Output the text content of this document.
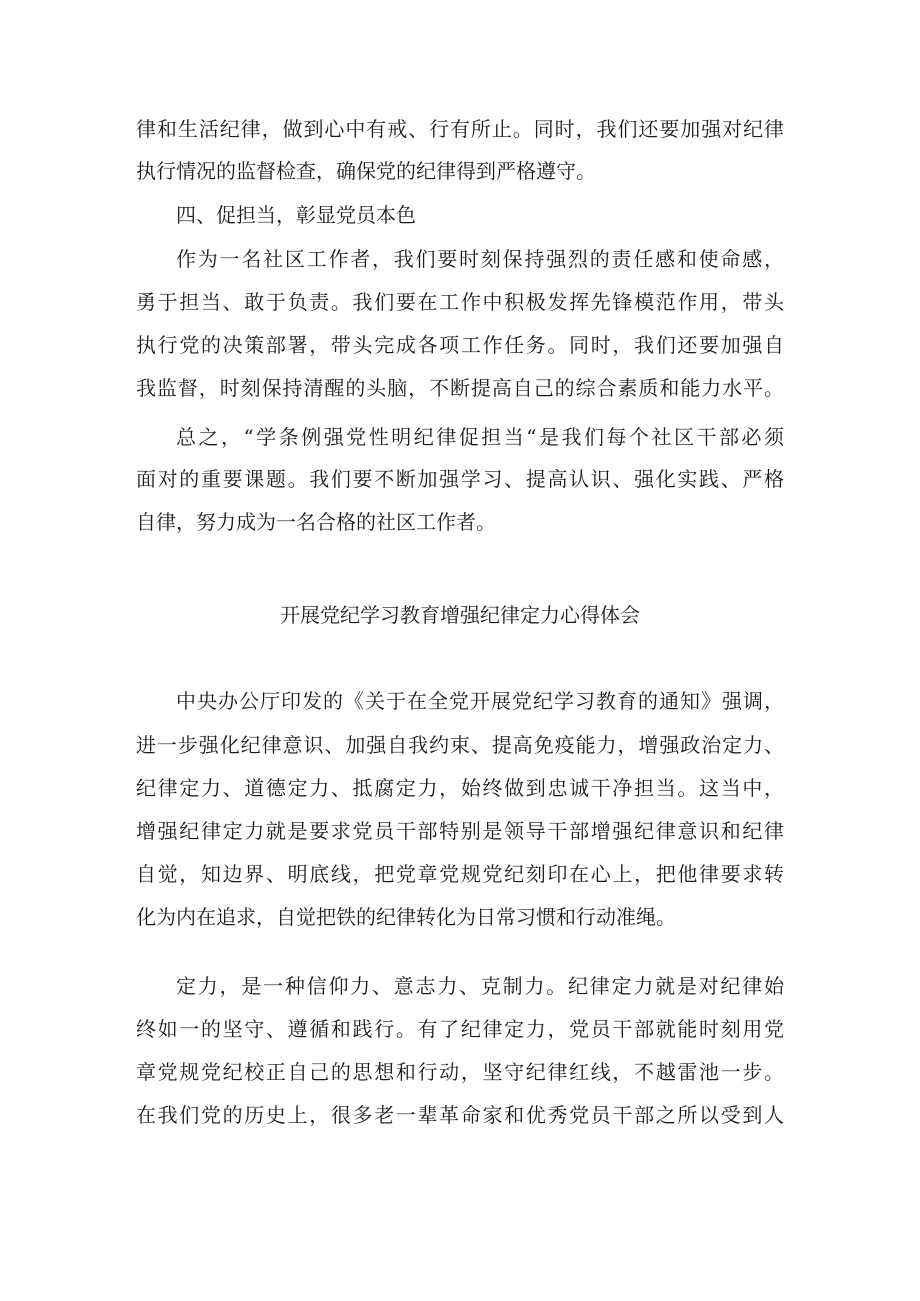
律和生活纪律，做到心中有戒、行有所止。同时，我们还要加强对纪律
执行情况的监督检查，确保党的纪律得到严格遵守。
四、促担当，彰显党员本色
作为一名社区工作者，我们要时刻保持强烈的责任感和使命感，
勇于担当、敢于负责。我们要在工作中积极发挥先锋模范作用，带头
执行党的决策部署，带头完成各项工作任务。同时，我们还要加强自
我监督，时刻保持清醒的头脑，不断提高自己的综合素质和能力水平。
总之，“学条例强党性明纪律促担当“是我们每个社区干部必须
面对的重要课题。我们要不断加强学习、提高认识、强化实践、严格
自律，努力成为一名合格的社区工作者。
开展党纪学习教育增强纪律定力心得体会
中央办公厅印发的《关于在全党开展党纪学习教育的通知》强调，
进一步强化纪律意识、加强自我约束、提高免疫能力，增强政治定力、
纪律定力、道德定力、抵腐定力，始终做到忠诚干净担当。这当中，
增强纪律定力就是要求党员干部特别是领导干部增强纪律意识和纪律
自觉，知边界、明底线，把党章党规党纪刻印在心上，把他律要求转
化为内在追求，自觉把铁的纪律转化为日常习惯和行动准绳。
定力，是一种信仰力、意志力、克制力。纪律定力就是对纪律始
终如一的坚守、遵循和践行。有了纪律定力，党员干部就能时刻用党
章党规党纪校正自己的思想和行动，坚守纪律红线，不越雷池一步。
在我们党的历史上，很多老一辈革命家和优秀党员干部之所以受到人
